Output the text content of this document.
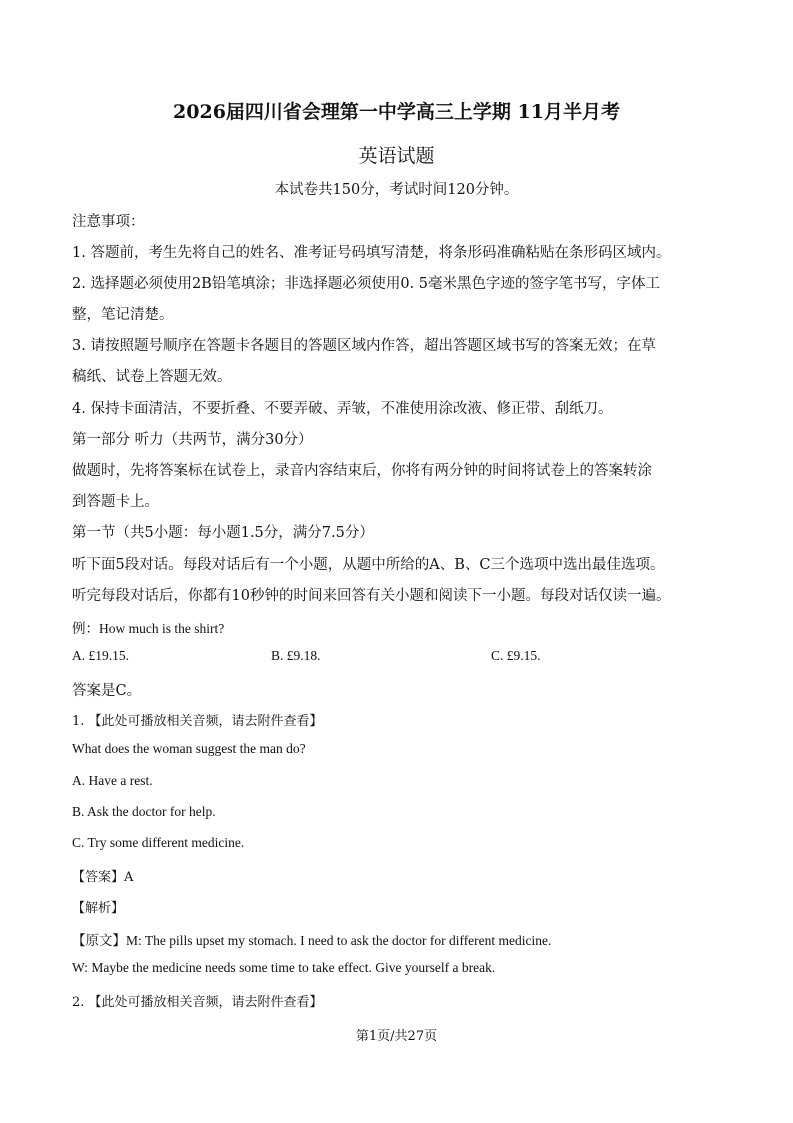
2026届四川省会理第一中学高三上学期 11月半月考
英语试题
本试卷共150分，考试时间120分钟。
注意事项：
1. 答题前，考生先将自己的姓名、准考证号码填写清楚，将条形码准确粘贴在条形码区域内。
2. 选择题必须使用2B铅笔填涂；非选择题必须使用0. 5毫米黑色字迹的签字笔书写，字体工
整，笔记清楚。
3. 请按照题号顺序在答题卡各题目的答题区域内作答，超出答题区域书写的答案无效；在草
稿纸、试卷上答题无效。
4. 保持卡面清洁，不要折叠、不要弄破、弄皱，不准使用涂改液、修正带、刮纸刀。
第一部分 听力（共两节，满分30分）
做题时，先将答案标在试卷上，录音内容结束后，你将有两分钟的时间将试卷上的答案转涂
到答题卡上。
第一节（共5小题：每小题1.5分，满分7.5分）
听下面5段对话。每段对话后有一个小题，从题中所给的A、B、C三个选项中选出最佳选项。
听完每段对话后，你都有10秒钟的时间来回答有关小题和阅读下一小题。每段对话仅读一遍。
例：How much is the shirt?
A. £19.15.	B. £9.18.	C. £9.15.
答案是C。
1. 【此处可播放相关音频，请去附件查看】
What does the woman suggest the man do?
A. Have a rest.
B. Ask the doctor for help.
C. Try some different medicine.
【答案】A
【解析】
【原文】M: The pills upset my stomach. I need to ask the doctor for different medicine.
W: Maybe the medicine needs some time to take effect. Give yourself a break.
2. 【此处可播放相关音频，请去附件查看】
第1页/共27页
